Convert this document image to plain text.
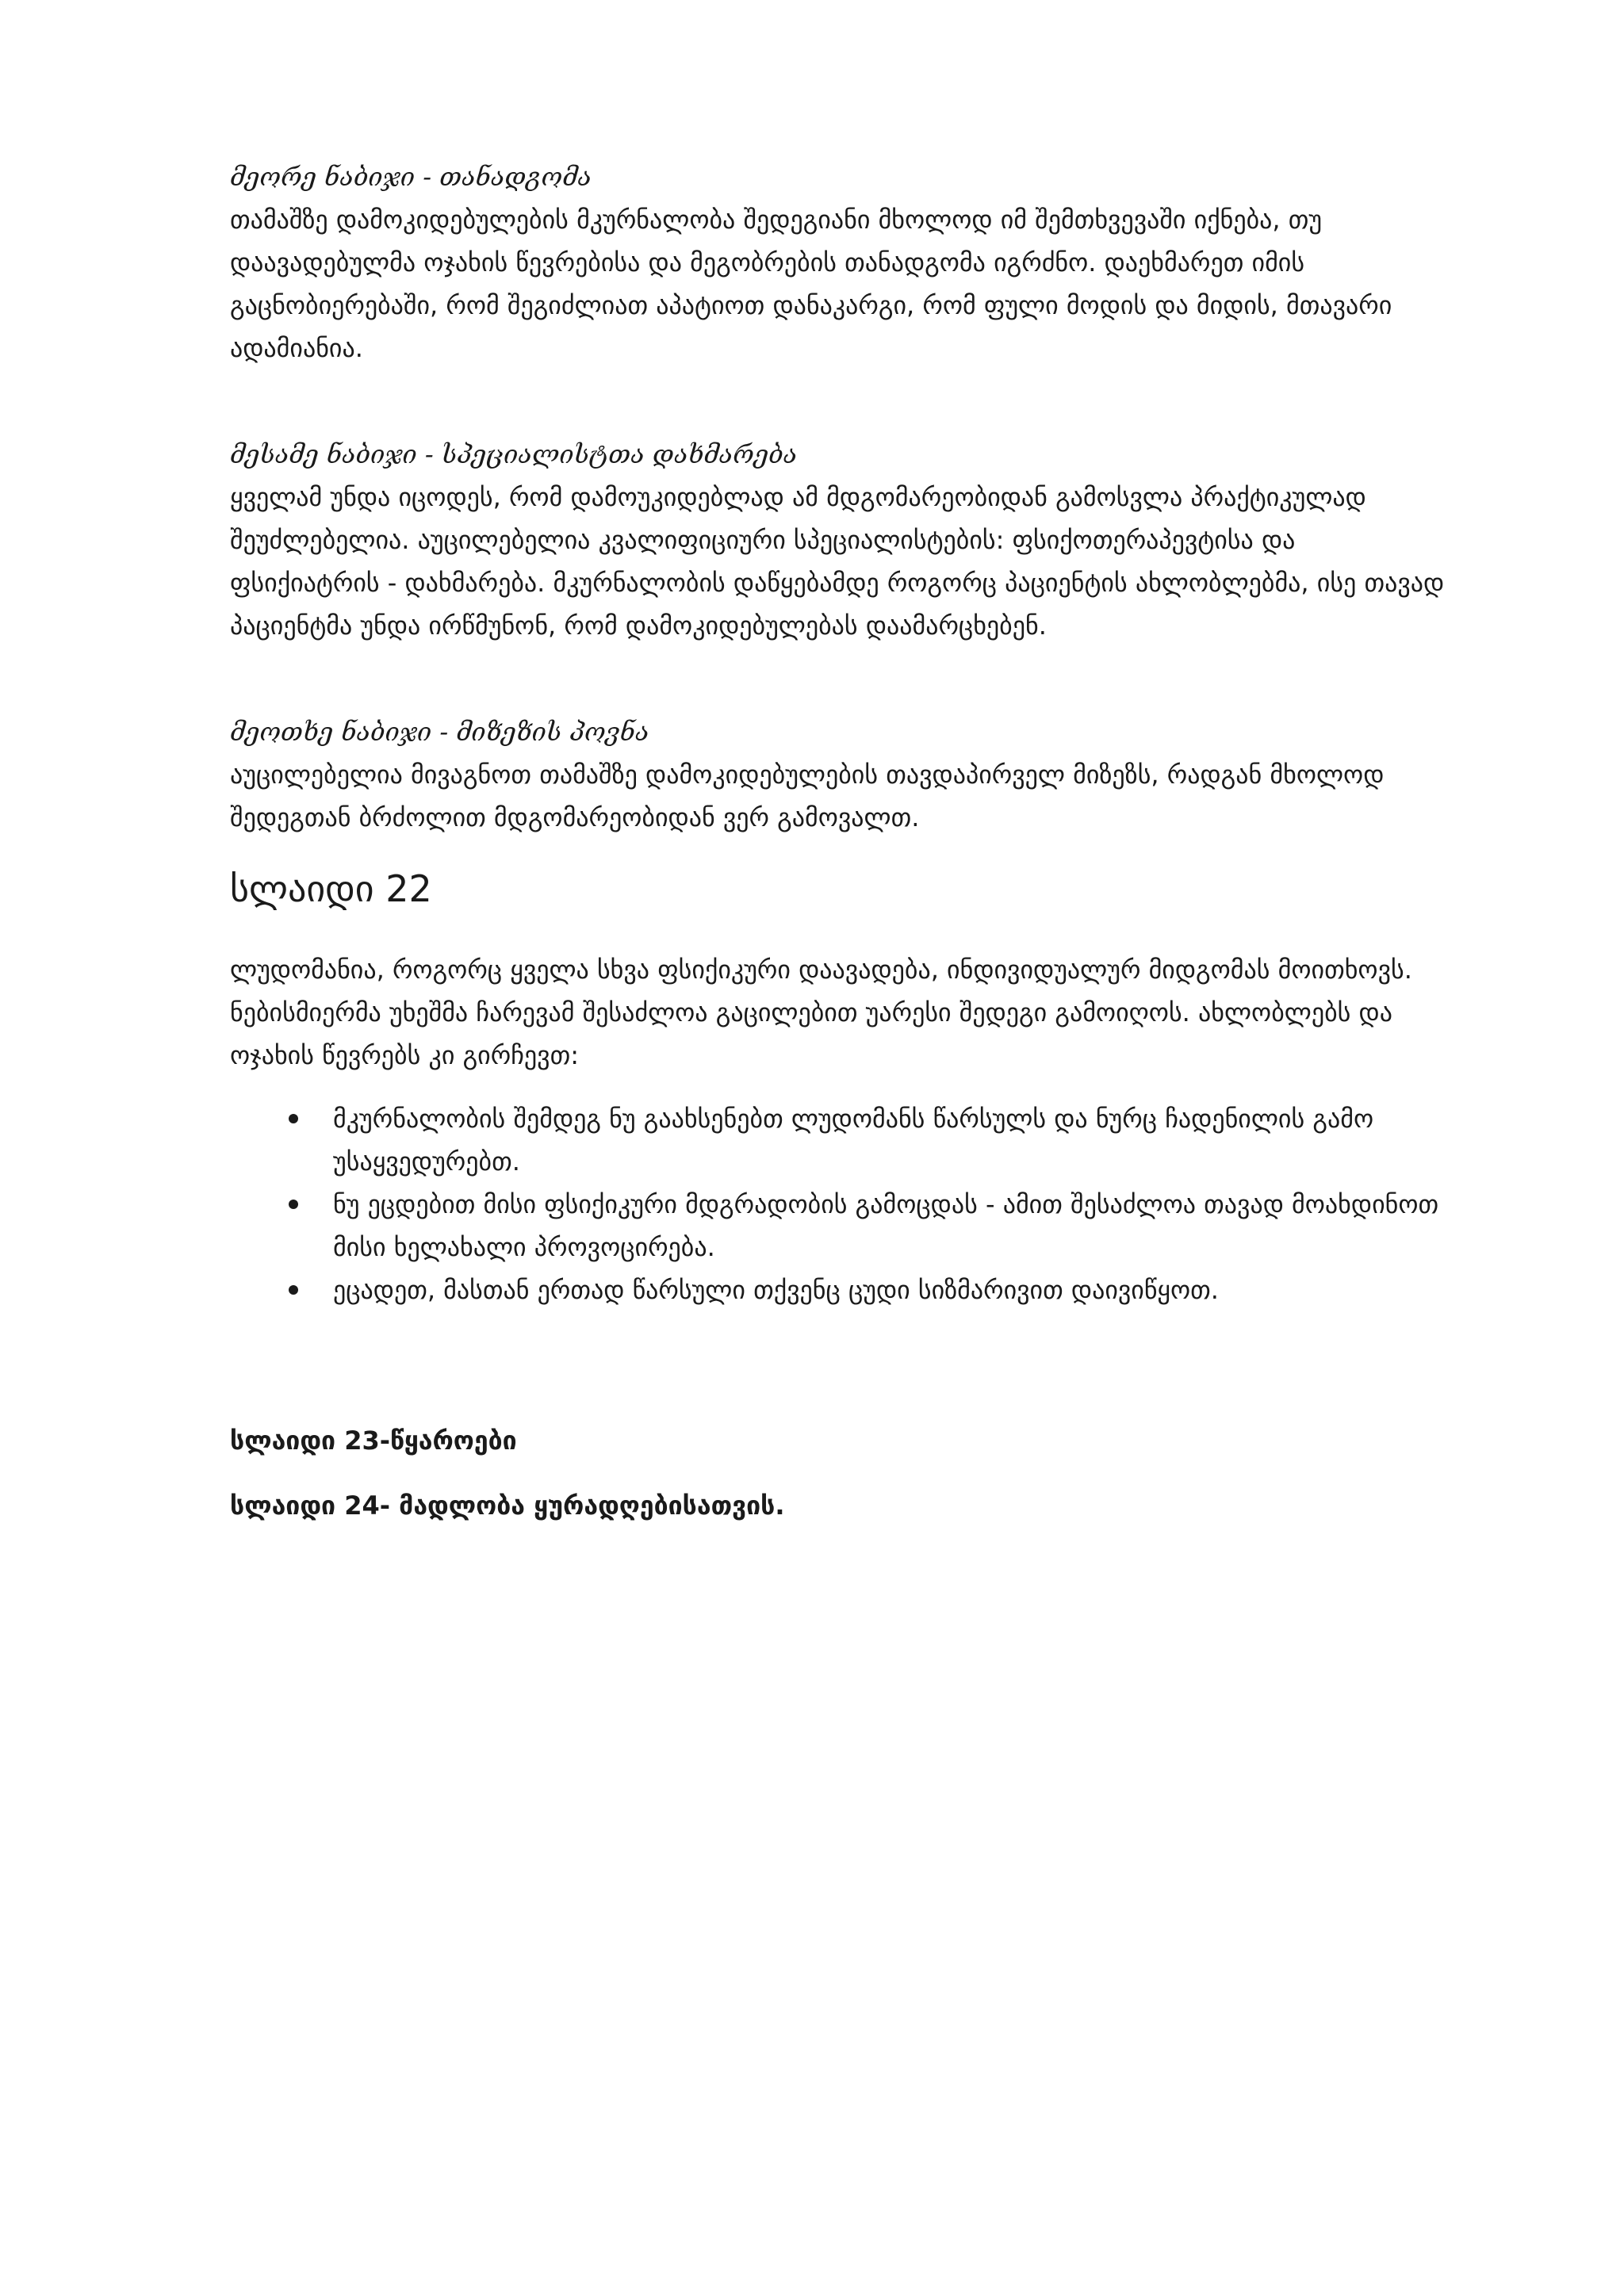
მეორე ნაბიჯი - თანადგომა

თამაშზე დამოკიდებულების მკურნალობა შედეგიანი მხოლოდ იმ შემთხვევაში იქნება, თუ დაავადებულმა ოჯახის წევრებისა და მეგობრების თანადგომა იგრძნო. დაეხმარეთ იმის გაცნობიერებაში, რომ შეგიძლიათ აპატიოთ დანაკარგი, რომ ფული მოდის და მიდის, მთავარი ადამიანია.

მესამე ნაბიჯი - სპეციალისტთა დახმარება

ყველამ უნდა იცოდეს, რომ დამოუკიდებლად ამ მდგომარეობიდან გამოსვლა პრაქტიკულად შეუძლებელია. აუცილებელია კვალიფიციური სპეციალისტების: ფსიქოთერაპევტისა და ფსიქიატრის - დახმარება. მკურნალობის დაწყებამდე როგორც პაციენტის ახლობლებმა, ისე თავად პაციენტმა უნდა ირწმუნონ, რომ დამოკიდებულებას დაამარცხებენ.

მეოთხე ნაბიჯი - მიზეზის პოვნა

აუცილებელია მივაგნოთ თამაშზე დამოკიდებულების თავდაპირველ მიზეზს, რადგან მხოლოდ შედეგთან ბრძოლით მდგომარეობიდან ვერ გამოვალთ.

სლაიდი 22

ლუდომანია, როგორც ყველა სხვა ფსიქიკური დაავადება, ინდივიდუალურ მიდგომას მოითხოვს. ნებისმიერმა უხეშმა ჩარევამ შესაძლოა გაცილებით უარესი შედეგი გამოიღოს. ახლობლებს და ოჯახის წევრებს კი გირჩევთ:

მკურნალობის შემდეგ ნუ გაახსენებთ ლუდომანს წარსულს და ნურც ჩადენილის გამო უსაყვედურებთ.
ნუ ეცდებით მისი ფსიქიკური მდგრადობის გამოცდას - ამით შესაძლოა თავად მოახდინოთ მისი ხელახალი პროვოცირება.
ეცადეთ, მასთან ერთად წარსული თქვენც ცუდი სიზმარივით დაივიწყოთ.

სლაიდი 23-წყაროები

სლაიდი 24- მადლობა ყურადღებისათვის.
